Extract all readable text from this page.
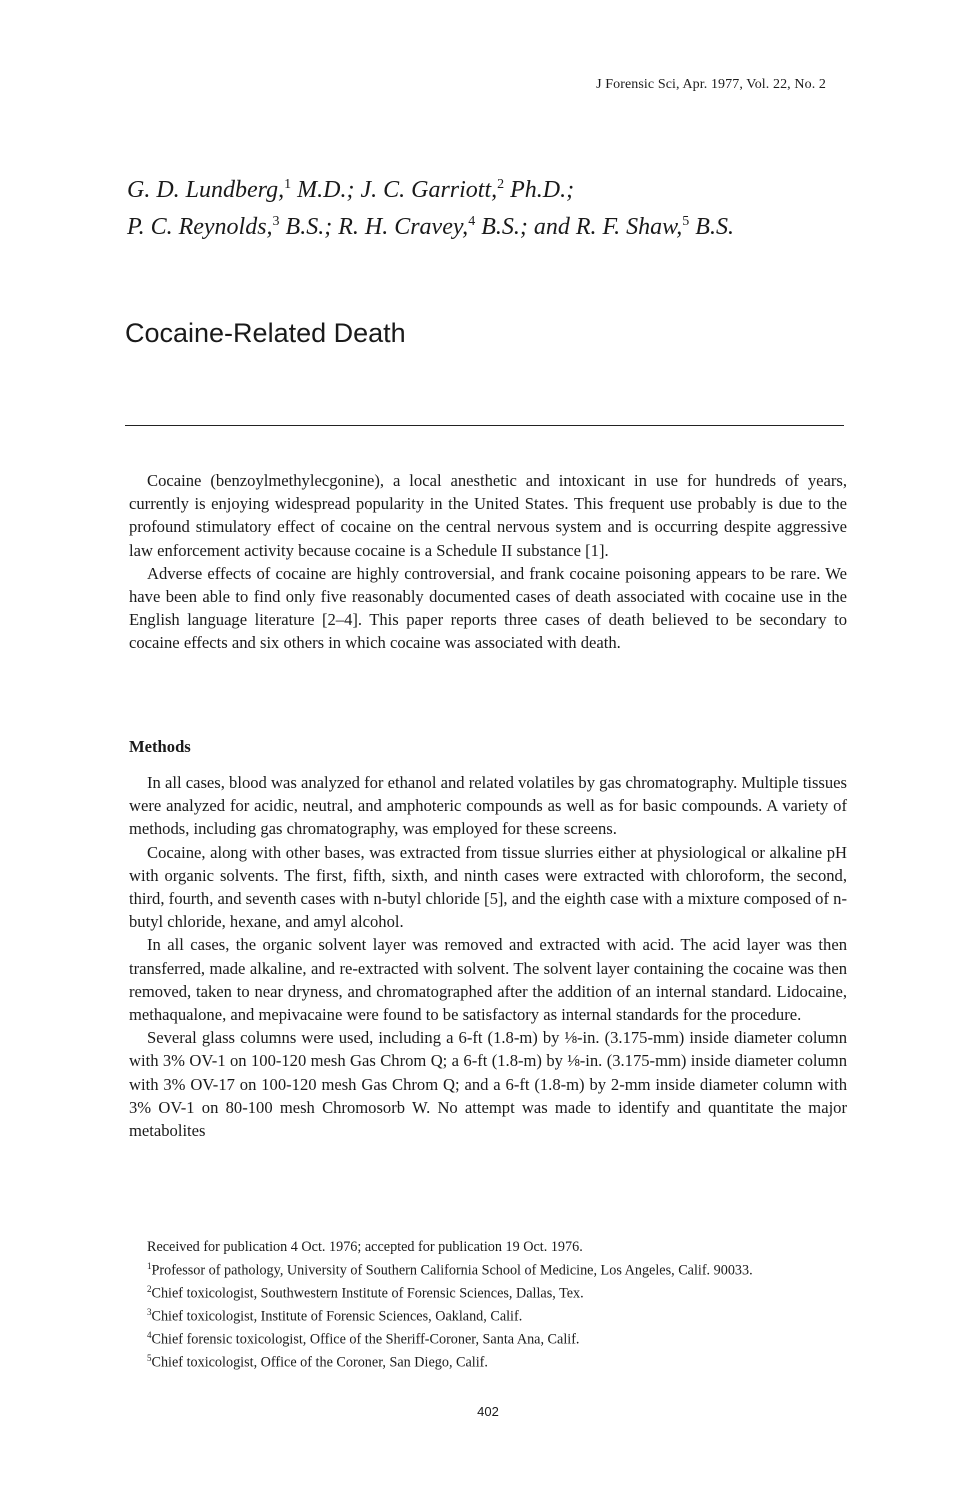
J Forensic Sci, Apr. 1977, Vol. 22, No. 2
G. D. Lundberg,$^1$ M.D.; J. C. Garriott,$^2$ Ph.D.;
P. C. Reynolds,$^3$ B.S.; R. H. Cravey,$^4$ B.S.; and R. F. Shaw,$^5$ B.S.
Cocaine-Related Death

Cocaine (benzoylmethylecgonine), a local anesthetic and intoxicant in use for hundreds of years, currently is enjoying widespread popularity in the United States. This frequent use probably is due to the profound stimulatory effect of cocaine on the central nervous system and is occurring despite aggressive law enforcement activity because cocaine is a Schedule II substance [1].

Adverse effects of cocaine are highly controversial, and frank cocaine poisoning appears to be rare. We have been able to find only five reasonably documented cases of death associated with cocaine use in the English language literature [2–4]. This paper reports three cases of death believed to be secondary to cocaine effects and six others in which cocaine was associated with death.

Methods

In all cases, blood was analyzed for ethanol and related volatiles by gas chromatography. Multiple tissues were analyzed for acidic, neutral, and amphoteric compounds as well as for basic compounds. A variety of methods, including gas chromatography, was employed for these screens.

Cocaine, along with other bases, was extracted from tissue slurries either at physiological or alkaline pH with organic solvents. The first, fifth, sixth, and ninth cases were extracted with chloroform, the second, third, fourth, and seventh cases with n-butyl chloride [5], and the eighth case with a mixture composed of n-butyl chloride, hexane, and amyl alcohol.

In all cases, the organic solvent layer was removed and extracted with acid. The acid layer was then transferred, made alkaline, and re-extracted with solvent. The solvent layer containing the cocaine was then removed, taken to near dryness, and chromatographed after the addition of an internal standard. Lidocaine, methaqualone, and mepivacaine were found to be satisfactory as internal standards for the procedure.

Several glass columns were used, including a 6-ft (1.8-m) by ⅛-in. (3.175-mm) inside diameter column with 3% OV-1 on 100-120 mesh Gas Chrom Q; a 6-ft (1.8-m) by ⅛-in. (3.175-mm) inside diameter column with 3% OV-17 on 100-120 mesh Gas Chrom Q; and a 6-ft (1.8-m) by 2-mm inside diameter column with 3% OV-1 on 80-100 mesh Chromosorb W. No attempt was made to identify and quantitate the major metabolites

Received for publication 4 Oct. 1976; accepted for publication 19 Oct. 1976.

$^1$Professor of pathology, University of Southern California School of Medicine, Los Angeles, Calif. 90033.

$^2$Chief toxicologist, Southwestern Institute of Forensic Sciences, Dallas, Tex.

$^3$Chief toxicologist, Institute of Forensic Sciences, Oakland, Calif.

$^4$Chief forensic toxicologist, Office of the Sheriff-Coroner, Santa Ana, Calif.

$^5$Chief toxicologist, Office of the Coroner, San Diego, Calif.

402
